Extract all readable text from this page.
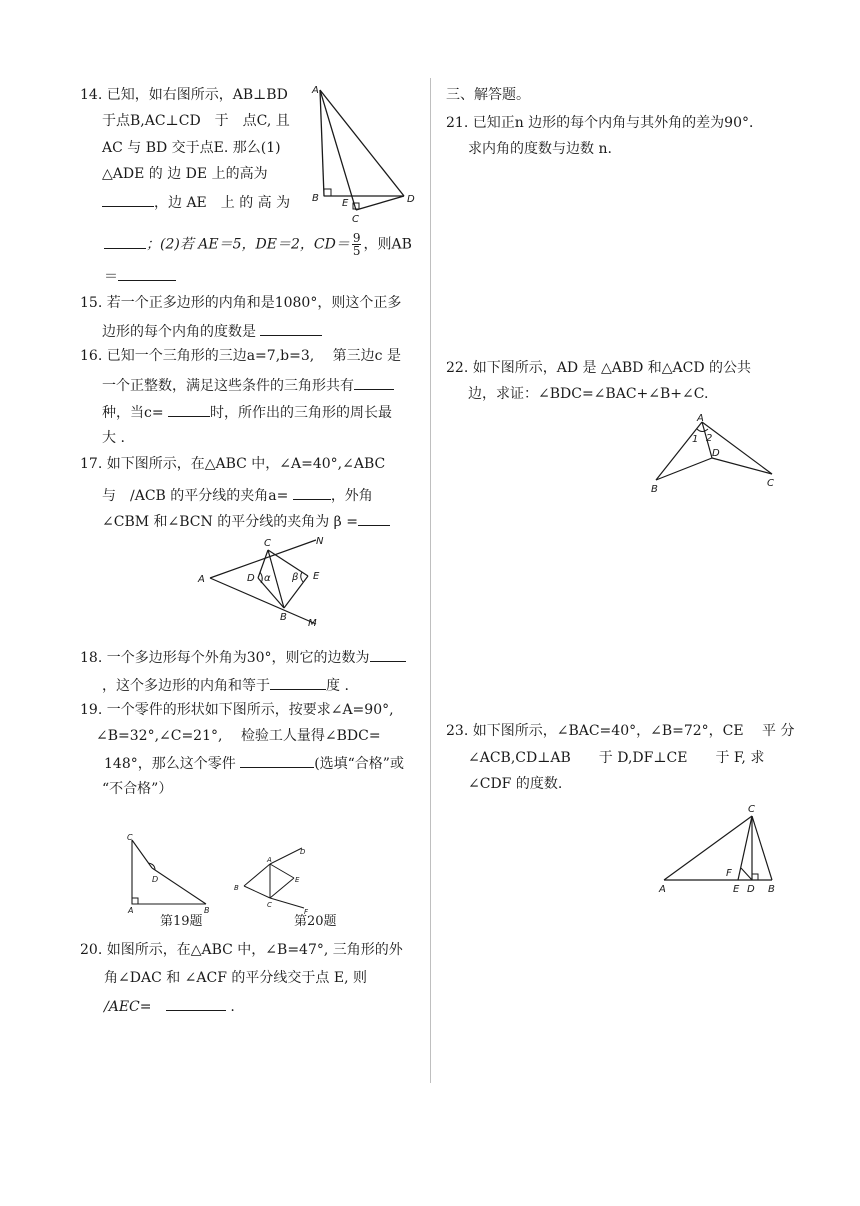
14. 已知，如右图所示，AB⊥BD
于点B,AC⊥CD　于　点C, 且
AC 与 BD 交于点E. 那么(1)
△ADE 的 边 DE 上的高为
，边 AE　上 的 高 为
；(2)若 AE＝5，DE＝2，$CD= \frac{9}{5}$ ，则AB
＝
A
B E
C
D
15. 若一个正多边形的内角和是1080°，则这个正多
边形的每个内角的度数是
16. 已知一个三角形的三边a=7,b=3,　 第三边c 是
一个正整数，满足这些条件的三角形共有
种，当c=	时，所作出的三角形的周长最
大 .
17. 如下图所示，在△ABC 中，∠A=40°,∠ABC
与　∕ACB 的平分线的夹角a=	，外角
∠CBM 和∠BCN 的平分线的夹角为 β =
A
C	N
D α β E
B
M
18. 一个多边形每个外角为30°，则它的边数为
，这个多边形的内角和等于	度 .
19. 一个零件的形状如下图所示，按要求∠A=90°,
∠B=32°,∠C=21°,　 检验工人量得∠BDC=
148°，那么这个零件	(选填“合格”或
“不合格”）
C
D
A	B
第19题
D
A
E
B
C
F
第20题
20. 如图所示，在△ABC 中，∠B=47°, 三角形的外
角∠DAC 和 ∠ACF 的平分线交于点 E, 则
∕AEC=	.
三、解答题。
21. 已知正n 边形的每个内角与其外角的差为90°．
求内角的度数与边数 n.
22. 如下图所示，AD 是 △ABD 和△ACD 的公共
边，求证：∠BDC=∠BAC+∠B+∠C.
A
1 2
D
B
C
23. 如下图所示，∠BAC=40°，∠B=72°，CE　 平 分
∠ACB,CD⊥AB　　于 D,DF⊥CE　　于 F, 求
∠CDF 的度数.
C
F
A	E D B
